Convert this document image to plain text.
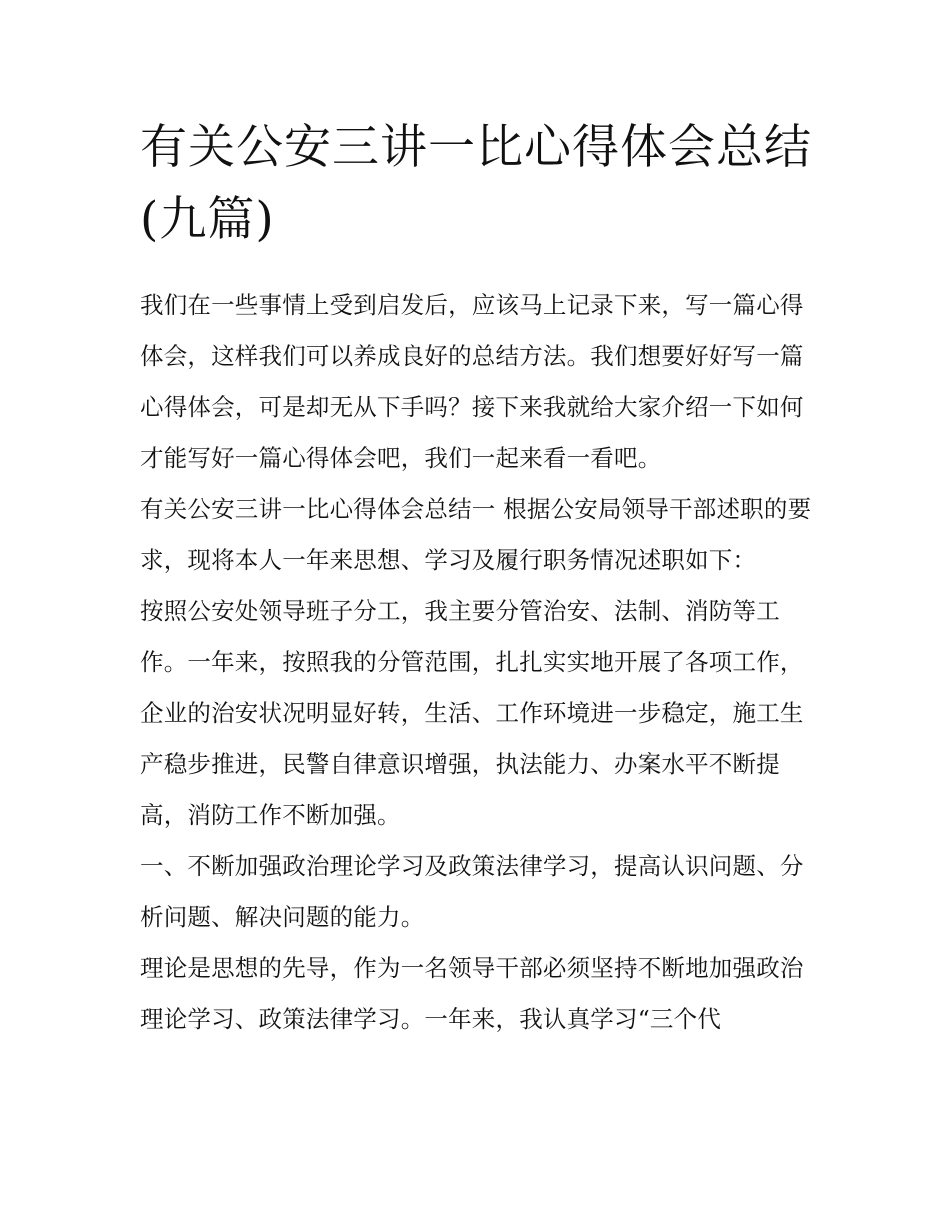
有关公安三讲一比心得体会总结(九篇)

我们在一些事情上受到启发后，应该马上记录下来，写一篇心得体会，这样我们可以养成良好的总结方法。我们想要好好写一篇心得体会，可是却无从下手吗？接下来我就给大家介绍一下如何才能写好一篇心得体会吧，我们一起来看一看吧。

有关公安三讲一比心得体会总结一 根据公安局领导干部述职的要求，现将本人一年来思想、学习及履行职务情况述职如下：

按照公安处领导班子分工，我主要分管治安、法制、消防等工作。一年来，按照我的分管范围，扎扎实实地开展了各项工作，企业的治安状况明显好转，生活、工作环境进一步稳定，施工生产稳步推进，民警自律意识增强，执法能力、办案水平不断提高，消防工作不断加强。

一、不断加强政治理论学习及政策法律学习，提高认识问题、分析问题、解决问题的能力。

理论是思想的先导，作为一名领导干部必须坚持不断地加强政治理论学习、政策法律学习。一年来，我认真学习“三个代
